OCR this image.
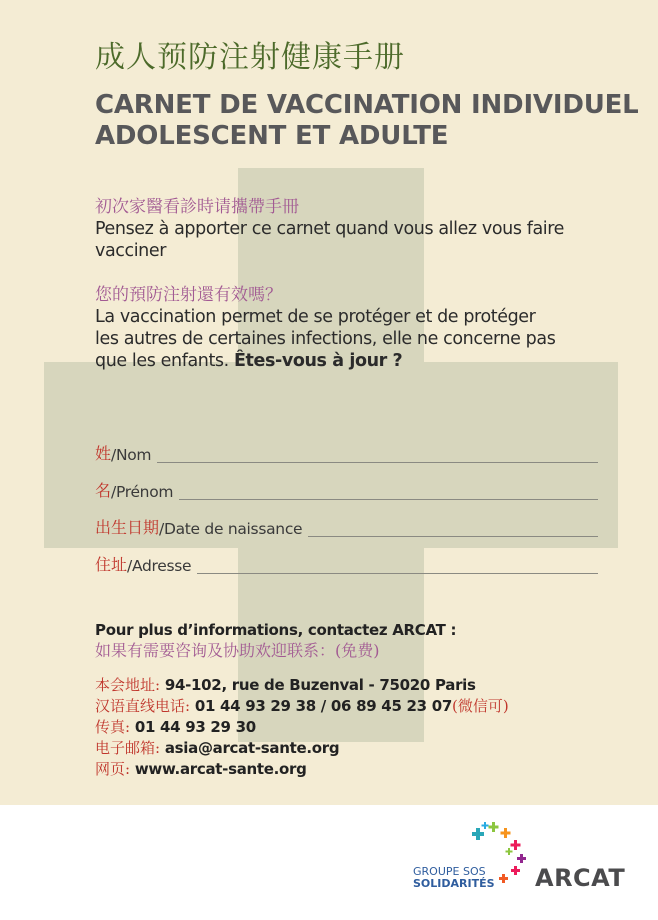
成人预防注射健康手册
CARNET DE VACCINATION INDIVIDUEL
ADOLESCENT ET ADULTE
初次家醫看診時请攜帶手冊
Pensez à apporter ce carnet quand vous allez vous faire
vacciner
您的預防注射還有效嗎？
La vaccination permet de se protéger et de protéger
les autres de certaines infections, elle ne concerne pas
que les enfants. Êtes-vous à jour ?
姓 /Nom
名 /Prénom
出生日期 /Date de naissance
住址 /Adresse
Pour plus d’informations, contactez ARCAT :
如果有需要咨询及协助欢迎联系：(免费)
本会地址: 94-102, rue de Buzenval - 75020 Paris
汉语直线电话: 01 44 93 29 38 / 06 89 45 23 07(微信可)
传真: 01 44 93 29 30
电子邮箱: asia@arcat-sante.org
网页: www.arcat-sante.org
GROUPE SOS
SOLIDARITÉS ARCAT
